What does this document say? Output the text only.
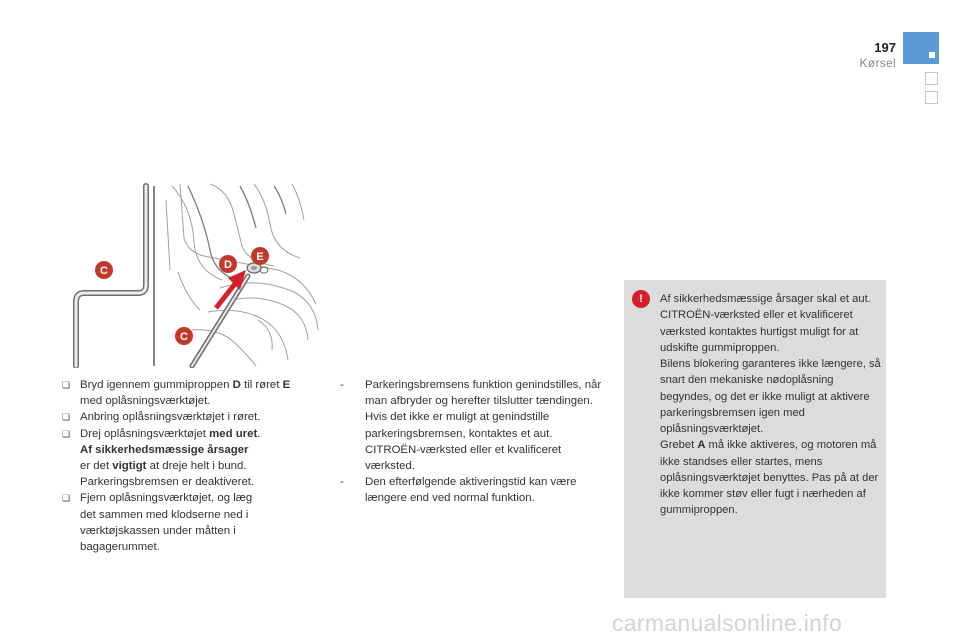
197
Kørsel
C	D
E
C
❏ Bryd igennem gummiproppen D til røret E
med oplåsningsværktøjet.
❏ Anbring oplåsningsværktøjet i røret.
❏ Drej oplåsningsværktøjet med uret.
Af sikkerhedsmæssige årsager
er det vigtigt at dreje helt i bund.
Parkeringsbremsen er deaktiveret.
❏ Fjern oplåsningsværktøjet, og læg det sammen med klodserne ned i værktøjskassen under måtten i bagagerummet.
- Parkeringsbremsens funktion genindstilles, når man afbryder og herefter tilslutter tændingen. Hvis det ikke er muligt at genindstille parkeringsbremsen, kontaktes et aut. CITROËN-værksted eller et kvalificeret værksted.
- Den efterfølgende aktiveringstid kan være længere end ved normal funktion.
!	Af sikkerhedsmæssige årsager skal et aut. CITROËN-værksted eller et kvalificeret værksted kontaktes hurtigst muligt for at udskifte gummiproppen.
Bilens blokering garanteres ikke længere, så snart den mekaniske nødoplåsning begyndes, og det er ikke muligt at aktivere parkeringsbremsen igen med oplåsningsværktøjet.
Grebet A må ikke aktiveres, og motoren må ikke standses eller startes, mens oplåsningsværktøjet benyttes. Pas på at der ikke kommer støv eller fugt i nærheden af gummiproppen.
carmanualsonline.info
